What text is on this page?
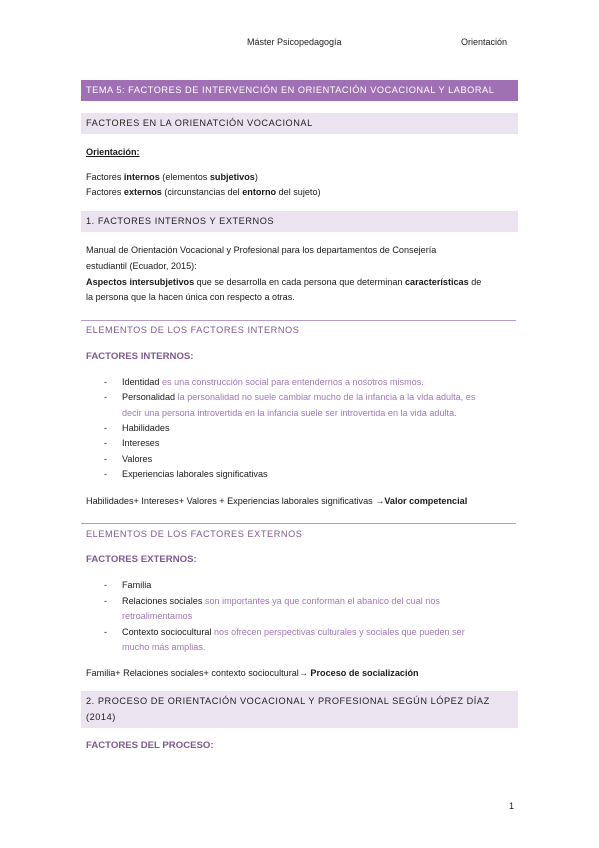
Máster Psicopedagogía	Orientación
TEMA 5: FACTORES DE INTERVENCIÓN EN ORIENTACIÓN VOCACIONAL Y LABORAL
FACTORES EN LA ORIENATCIÓN VOCACIONAL
Orientación:
Factores internos (elementos subjetivos)
Factores externos (circunstancias del entorno del sujeto)
1. FACTORES INTERNOS Y EXTERNOS
Manual de Orientación Vocacional y Profesional para los departamentos de Consejería
estudiantil (Ecuador, 2015):
Aspectos intersubjetivos que se desarrolla en cada persona que determinan características de
la persona que la hacen única con respecto a otras.
ELEMENTOS DE LOS FACTORES INTERNOS
FACTORES INTERNOS:
- Identidad es una construcción social para entendernos a nosotros mismos.
- Personalidad la personalidad no suele cambiar mucho de la infancia a la vida adulta, es
decir una persona introvertida en la infancia suele ser introvertida en la vida adulta.
- Habilidades
- Intereses
- Valores
- Experiencias laborales significativas
Habilidades+ Intereses+ Valores + Experiencias laborales significativas →Valor competencial
ELEMENTOS DE LOS FACTORES EXTERNOS
FACTORES EXTERNOS:
- Familia
- Relaciones sociales son importantes ya que conforman el abanico del cual nos
retroalimentamos
- Contexto sociocultural nos ofrecen perspectivas culturales y sociales que pueden ser
mucho más amplias.
Familia+ Relaciones sociales+ contexto sociocultural→ Proceso de socialización
2. PROCESO DE ORIENTACIÓN VOCACIONAL Y PROFESIONAL SEGÚN LÓPEZ DÍAZ
(2014)
FACTORES DEL PROCESO:
1
